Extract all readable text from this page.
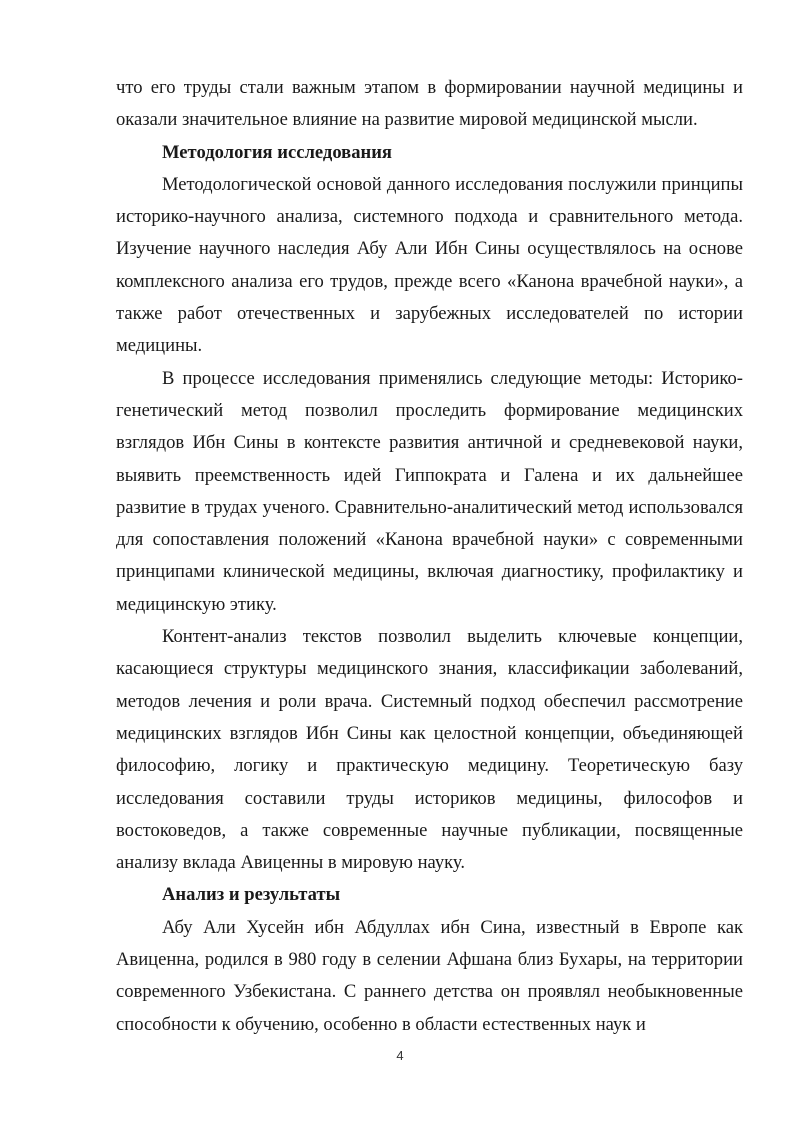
что его труды стали важным этапом в формировании научной медицины и оказали значительное влияние на развитие мировой медицинской мысли.

Методология исследования

Методологической основой данного исследования послужили принципы историко-научного анализа, системного подхода и сравнительного метода. Изучение научного наследия Абу Али Ибн Сины осуществлялось на основе комплексного анализа его трудов, прежде всего «Канона врачебной науки», а также работ отечественных и зарубежных исследователей по истории медицины.

В процессе исследования применялись следующие методы: Историко-генетический метод позволил проследить формирование медицинских взглядов Ибн Сины в контексте развития античной и средневековой науки, выявить преемственность идей Гиппократа и Галена и их дальнейшее развитие в трудах ученого. Сравнительно-аналитический метод использовался для сопоставления положений «Канона врачебной науки» с современными принципами клинической медицины, включая диагностику, профилактику и медицинскую этику.

Контент-анализ текстов позволил выделить ключевые концепции, касающиеся структуры медицинского знания, классификации заболеваний, методов лечения и роли врача. Системный подход обеспечил рассмотрение медицинских взглядов Ибн Сины как целостной концепции, объединяющей философию, логику и практическую медицину. Теоретическую базу исследования составили труды историков медицины, философов и востоковедов, а также современные научные публикации, посвященные анализу вклада Авиценны в мировую науку.

Анализ и результаты

Абу Али Хусейн ибн Абдуллах ибн Сина, известный в Европе как Авиценна, родился в 980 году в селении Афшана близ Бухары, на территории современного Узбекистана. С раннего детства он проявлял необыкновенные способности к обучению, особенно в области естественных наук и

4
